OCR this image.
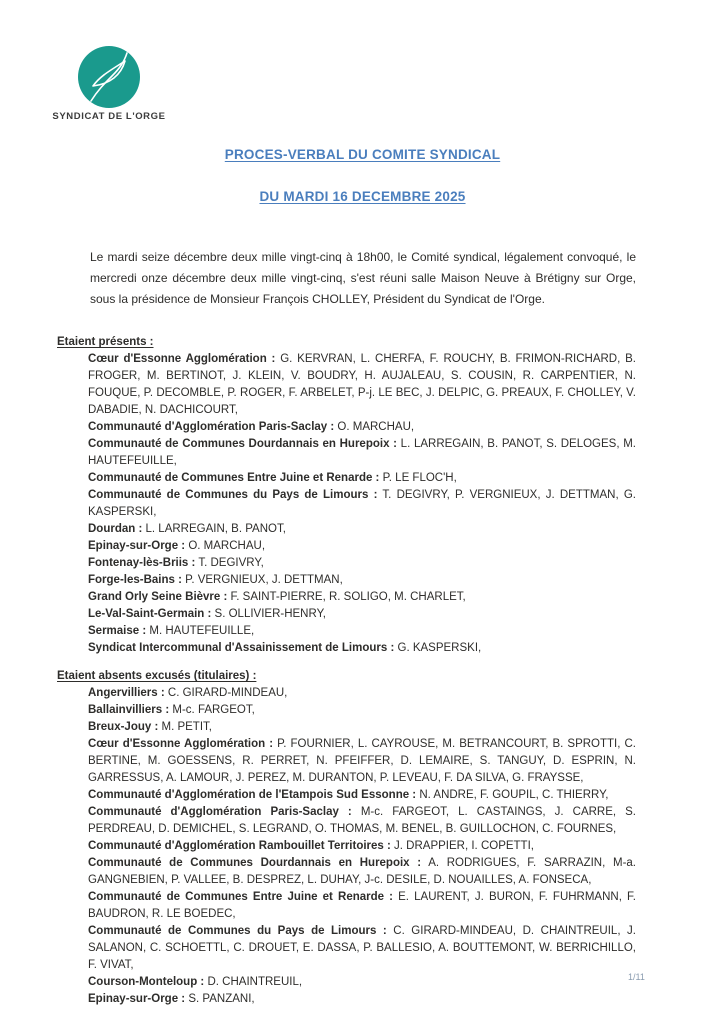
SYNDICAT DE L'ORGE
PROCES-VERBAL DU COMITE SYNDICAL
DU MARDI 16 DECEMBRE 2025

Le mardi seize décembre deux mille vingt-cinq à 18h00, le Comité syndical, légalement convoqué, le mercredi onze décembre deux mille vingt-cinq, s'est réuni salle Maison Neuve à Brétigny sur Orge, sous la présidence de Monsieur François CHOLLEY, Président du Syndicat de l'Orge.

Etaient présents :

Cœur d'Essonne Agglomération : G. KERVRAN, L. CHERFA, F. ROUCHY, B. FRIMON-RICHARD, B. FROGER, M. BERTINOT, J. KLEIN, V. BOUDRY, H. AUJALEAU, S. COUSIN, R. CARPENTIER, N. FOUQUE, P. DECOMBLE, P. ROGER, F. ARBELET, P-j. LE BEC, J. DELPIC, G. PREAUX, F. CHOLLEY, V. DABADIE, N. DACHICOURT,

Communauté d'Agglomération Paris-Saclay : O. MARCHAU,

Communauté de Communes Dourdannais en Hurepoix : L. LARREGAIN, B. PANOT, S. DELOGES, M. HAUTEFEUILLE,

Communauté de Communes Entre Juine et Renarde : P. LE FLOC'H,

Communauté de Communes du Pays de Limours : T. DEGIVRY, P. VERGNIEUX, J. DETTMAN, G. KASPERSKI,

Dourdan : L. LARREGAIN, B. PANOT,

Epinay-sur-Orge : O. MARCHAU,

Fontenay-lès-Briis : T. DEGIVRY,

Forge-les-Bains : P. VERGNIEUX, J. DETTMAN,

Grand Orly Seine Bièvre : F. SAINT-PIERRE, R. SOLIGO, M. CHARLET,

Le-Val-Saint-Germain : S. OLLIVIER-HENRY,

Sermaise : M. HAUTEFEUILLE,

Syndicat Intercommunal d'Assainissement de Limours : G. KASPERSKI,

Etaient absents excusés (titulaires) :

Angervilliers : C. GIRARD-MINDEAU,

Ballainvilliers : M-c. FARGEOT,

Breux-Jouy : M. PETIT,

Cœur d'Essonne Agglomération : P. FOURNIER, L. CAYROUSE, M. BETRANCOURT, B. SPROTTI, C. BERTINE, M. GOESSENS, R. PERRET, N. PFEIFFER, D. LEMAIRE, S. TANGUY, D. ESPRIN, N. GARRESSUS, A. LAMOUR, J. PEREZ, M. DURANTON, P. LEVEAU, F. DA SILVA, G. FRAYSSE,

Communauté d'Agglomération de l'Etampois Sud Essonne : N. ANDRE, F. GOUPIL, C. THIERRY,

Communauté d'Agglomération Paris-Saclay : M-c. FARGEOT, L. CASTAINGS, J. CARRE, S. PERDREAU, D. DEMICHEL, S. LEGRAND, O. THOMAS, M. BENEL, B. GUILLOCHON, C. FOURNES,

Communauté d'Agglomération Rambouillet Territoires : J. DRAPPIER, I. COPETTI,

Communauté de Communes Dourdannais en Hurepoix : A. RODRIGUES, F. SARRAZIN, M-a. GANGNEBIEN, P. VALLEE, B. DESPREZ, L. DUHAY, J-c. DESILE, D. NOUAILLES, A. FONSECA,

Communauté de Communes Entre Juine et Renarde : E. LAURENT, J. BURON, F. FUHRMANN, F. BAUDRON, R. LE BOEDEC,

Communauté de Communes du Pays de Limours : C. GIRARD-MINDEAU, D. CHAINTREUIL, J. SALANON, C. SCHOETTL, C. DROUET, E. DASSA, P. BALLESIO, A. BOUTTEMONT, W. BERRICHILLO, F. VIVAT,

Courson-Monteloup : D. CHAINTREUIL,

Epinay-sur-Orge : S. PANZANI,

1/11
